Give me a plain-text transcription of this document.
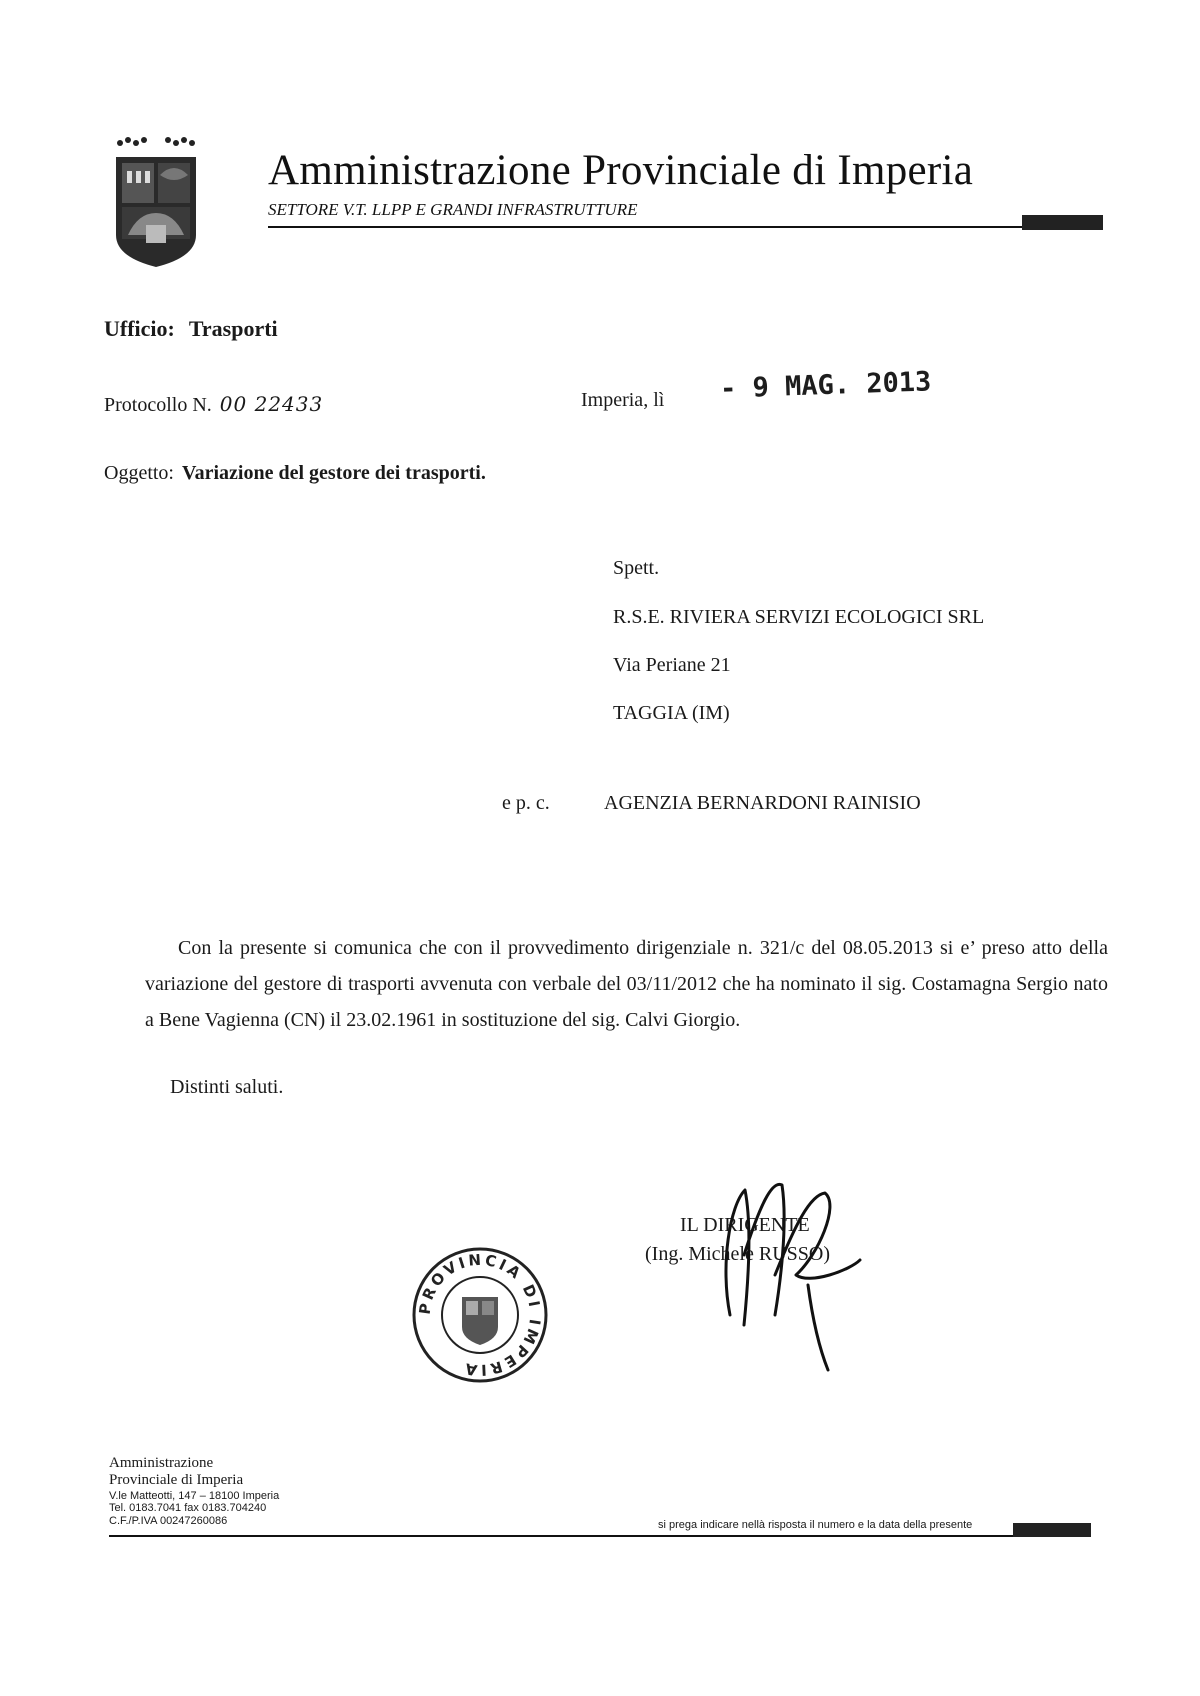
Amministrazione Provinciale di Imperia
SETTORE V.T. LLPP E GRANDI INFRASTRUTTURE
Ufficio: Trasporti
Protocollo N. 00 22433	Imperia, lì - 9 MAG. 2013
Oggetto: Variazione del gestore dei trasporti.
Spett.
R.S.E. RIVIERA SERVIZI ECOLOGICI SRL
Via Periane 21
TAGGIA (IM)
e p. c.	AGENZIA BERNARDONI RAINISIO

Con la presente si comunica che con il provvedimento dirigenziale n. 321/c del 08.05.2013 si e’ preso atto della variazione del gestore di trasporti avvenuta con verbale del 03/11/2012 che ha nominato il sig. Costamagna Sergio nato a Bene Vagienna (CN) il 23.02.1961 in sostituzione del sig. Calvi Giorgio.

Distinti saluti.
PROVINCIA DI IMPERIA
IL DIRIGENTE
(Ing. Michele RUSSO)
Amministrazione
Provinciale di Imperia
V.le Matteotti, 147 – 18100 Imperia
Tel. 0183.7041 fax 0183.704240
C.F./P.IVA 00247260086	si prega indicare nellà risposta il numero e la data della presente
